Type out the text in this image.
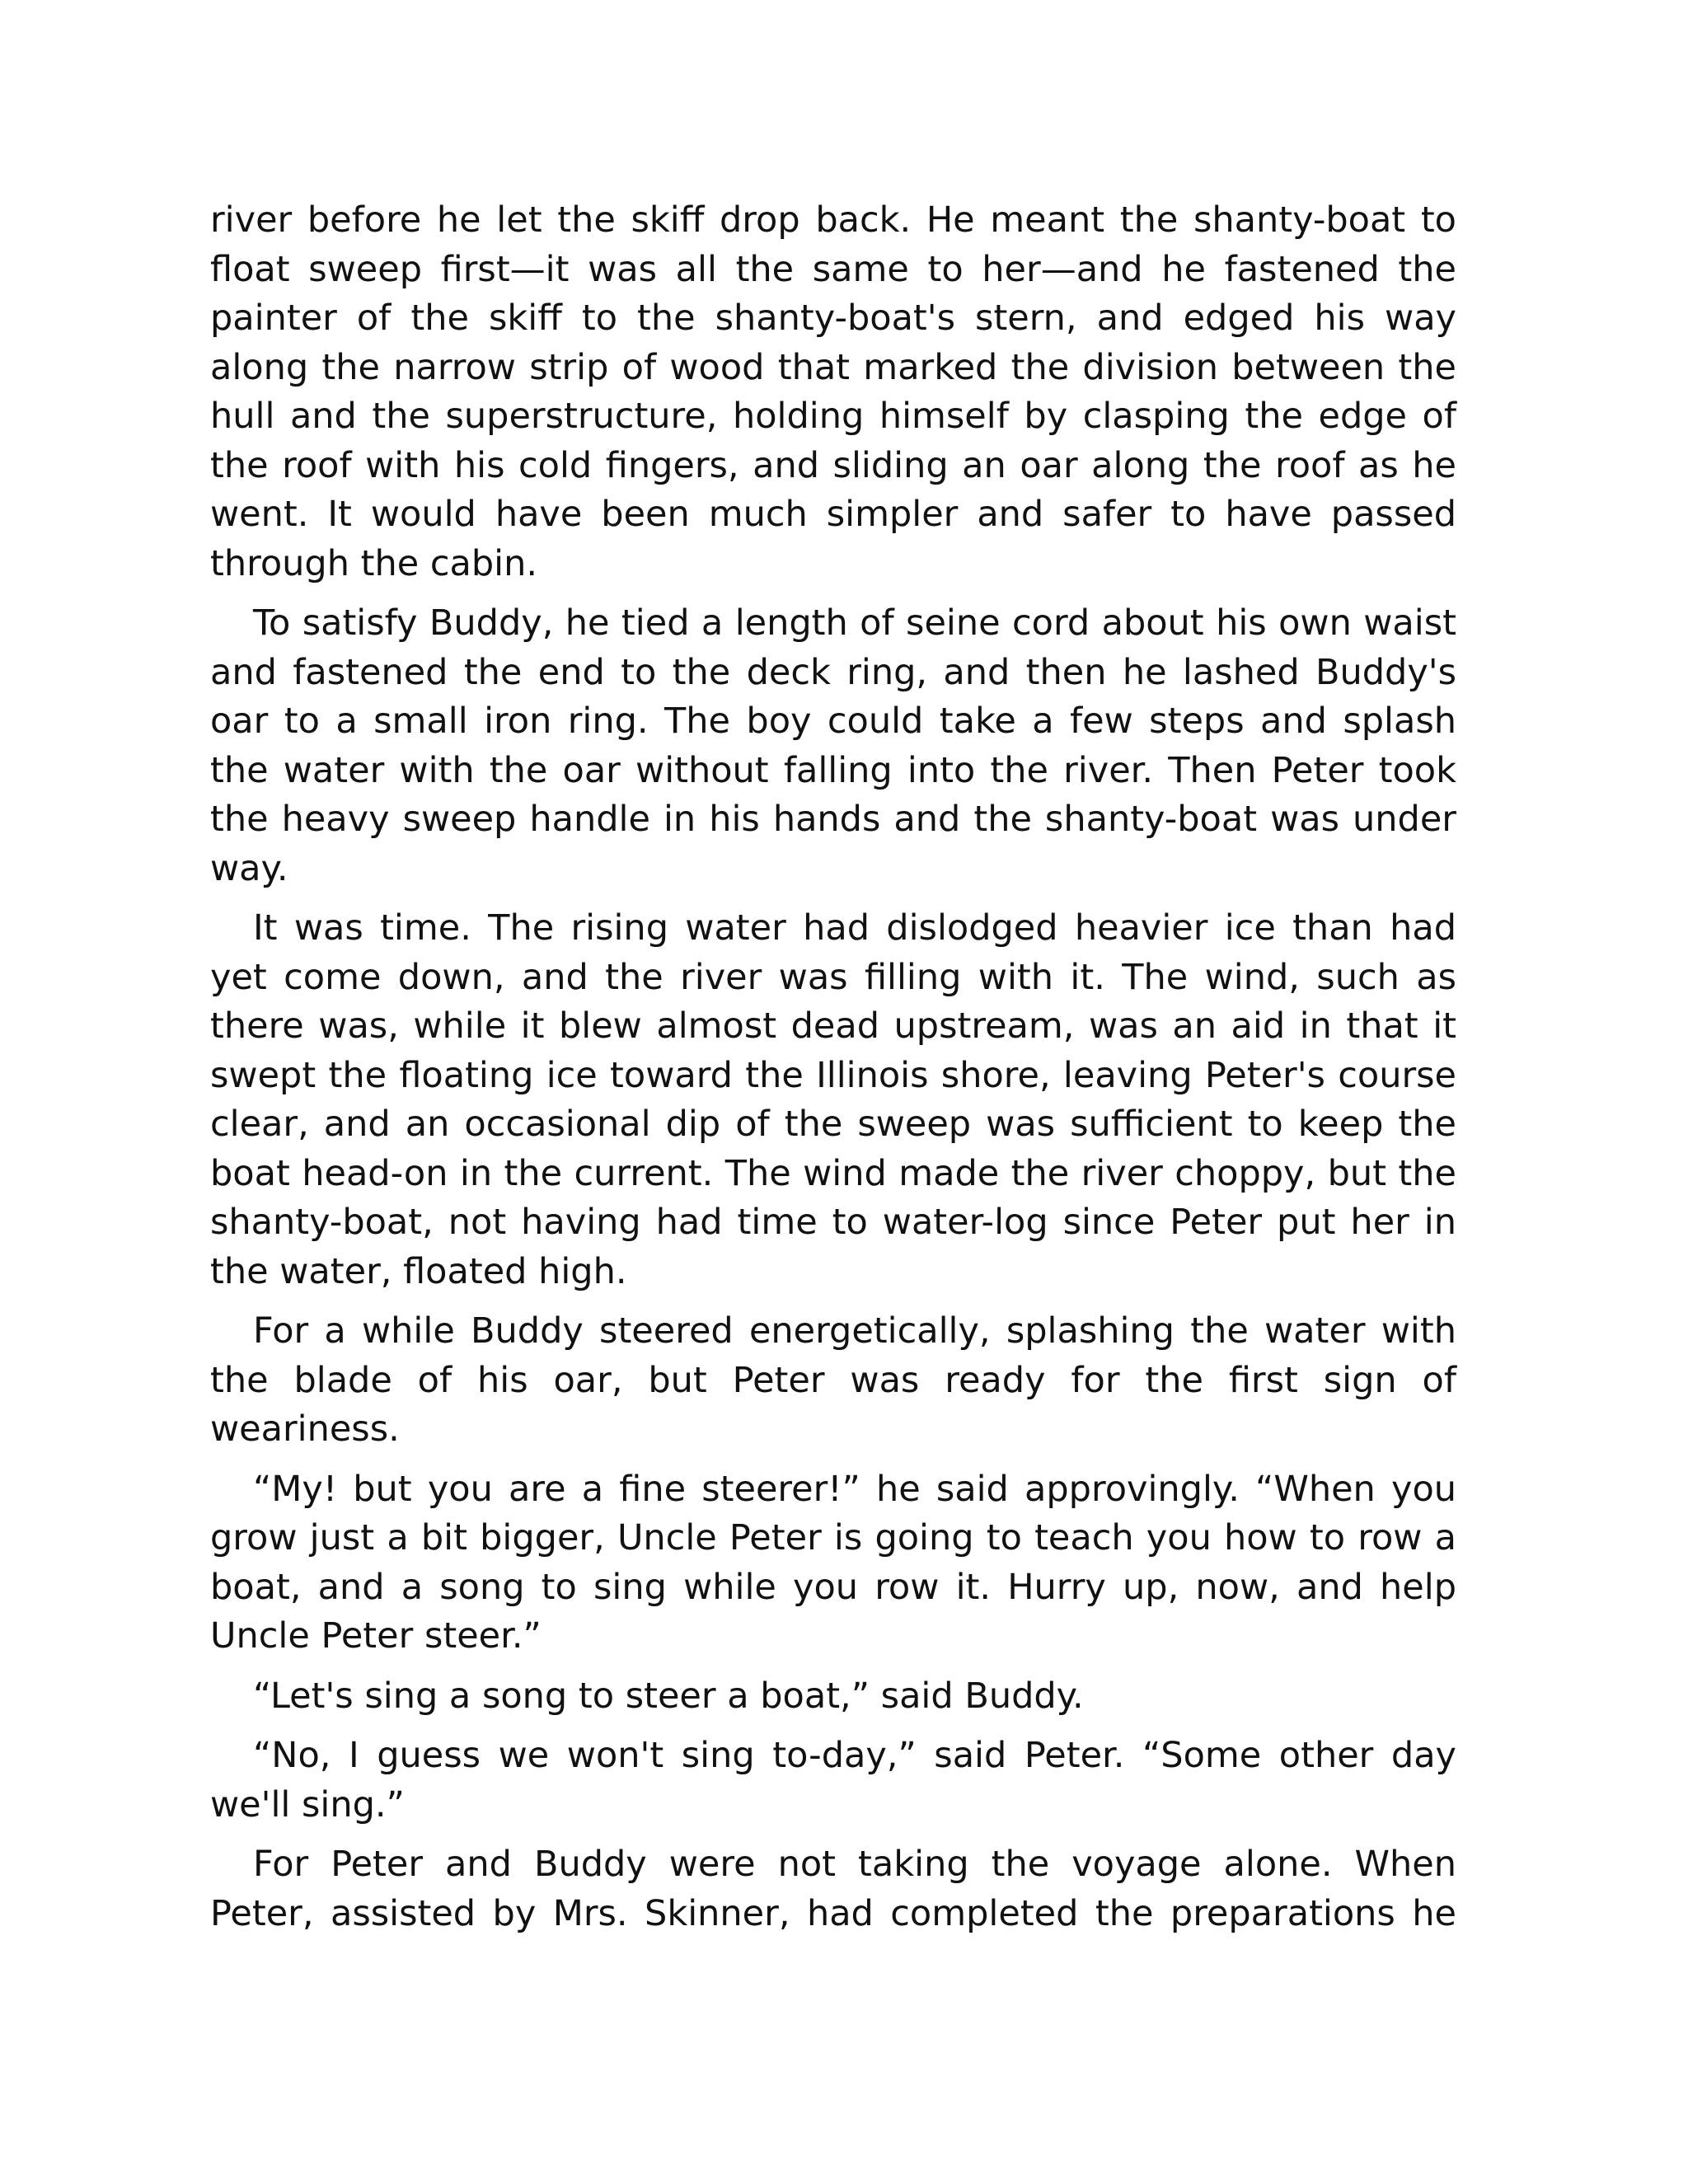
river before he let the skiff drop back. He meant the shanty-boat to float sweep first—it was all the same to her—and he fastened the painter of the skiff to the shanty-boat's stern, and edged his way along the narrow strip of wood that marked the division between the hull and the superstructure, holding himself by clasping the edge of the roof with his cold fingers, and sliding an oar along the roof as he went. It would have been much simpler and safer to have passed through the cabin.

To satisfy Buddy, he tied a length of seine cord about his own waist and fastened the end to the deck ring, and then he lashed Buddy's oar to a small iron ring. The boy could take a few steps and splash the water with the oar without falling into the river. Then Peter took the heavy sweep handle in his hands and the shanty-boat was under way.

It was time. The rising water had dislodged heavier ice than had yet come down, and the river was filling with it. The wind, such as there was, while it blew almost dead upstream, was an aid in that it swept the floating ice toward the Illinois shore, leaving Peter's course clear, and an occasional dip of the sweep was sufficient to keep the boat head-on in the current. The wind made the river choppy, but the shanty-boat, not having had time to water-log since Peter put her in the water, floated high.

For a while Buddy steered energetically, splashing the water with the blade of his oar, but Peter was ready for the first sign of weariness.

“My! but you are a fine steerer!” he said approvingly. “When you grow just a bit bigger, Uncle Peter is going to teach you how to row a boat, and a song to sing while you row it. Hurry up, now, and help Uncle Peter steer.”

“Let's sing a song to steer a boat,” said Buddy.

“No, I guess we won't sing to-day,” said Peter. “Some other day we'll sing.”

For Peter and Buddy were not taking the voyage alone. When Peter, assisted by Mrs. Skinner, had completed the preparations he
